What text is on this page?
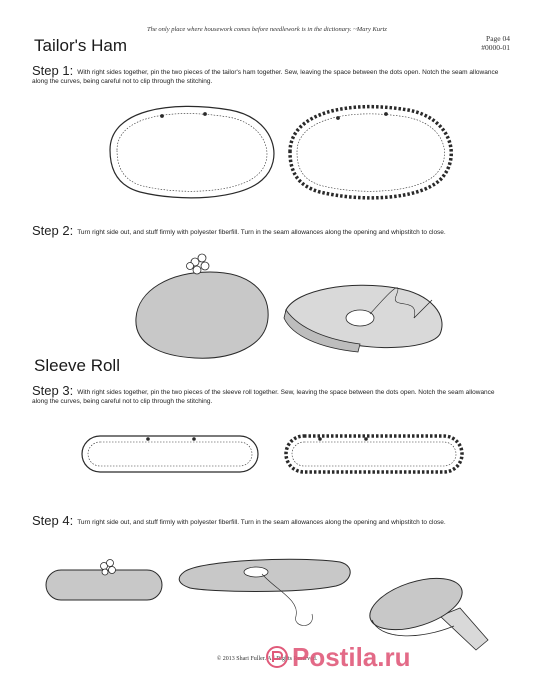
The only place where housework comes before needlework is in the dictionary. ~Mary Kurtz
Page 04
#0000-01
Tailor's Ham
Step 1: With right sides together, pin the two pieces of the tailor's ham together. Sew, leaving the space between the dots open. Notch the seam allowance along the curves, being careful not to clip through the stitching.
Step 2: Turn right side out, and stuff firmly with polyester fiberfill. Turn in the seam allowances along the opening and whipstitch to close.
Sleeve Roll
Step 3: With right sides together, pin the two pieces of the sleeve roll together. Sew, leaving the space between the dots open. Notch the seam allowance along the curves, being careful not to clip through the stitching.
Step 4: Turn right side out, and stuff firmly with polyester fiberfill. Turn in the seam allowances along the opening and whipstitch to close.
© 2013 Shari Fuller. All Rights Reserved.
Postila.ru
